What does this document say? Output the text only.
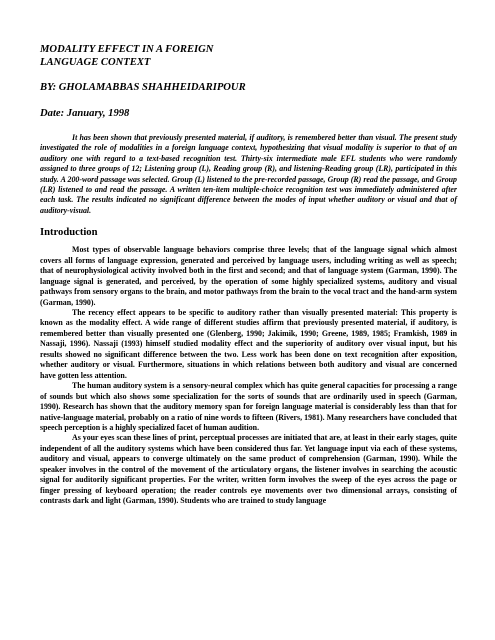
MODALITY EFFECT IN A FOREIGN

LANGUAGE CONTEXT

BY: GHOLAMABBAS SHAHHEIDARIPOUR

Date: January, 1998

It has been shown that previously presented material, if auditory, is remembered better than visual. The present study investigated the role of modalities in a foreign language context, hypothesizing that visual modality is superior to that of an auditory one with regard to a text-based recognition test. Thirty-six intermediate male EFL students who were randomly assigned to three groups of 12; Listening group (L), Reading group (R), and listening-Reading group (LR), participated in this study. A 200-word passage was selected. Group (L) listened to the pre-recorded passage, Group (R) read the passage, and Group (LR) listened to and read the passage. A written ten-item multiple-choice recognition test was immediately administered after each task. The results indicated no significant difference between the modes of input whether auditory or visual and that of auditory-visual.

Introduction

Most types of observable language behaviors comprise three levels; that of the language signal which almost covers all forms of language expression, generated and perceived by language users, including writing as well as speech; that of neurophysiological activity involved both in the first and second; and that of language system (Garman, 1990). The language signal is generated, and perceived, by the operation of some highly specialized systems, auditory and visual pathways from sensory organs to the brain, and motor pathways from the brain to the vocal tract and the hand-arm system (Garman, 1990).

The recency effect appears to be specific to auditory rather than visually presented material: This property is known as the modality effect. A wide range of different studies affirm that previously presented material, if auditory, is remembered better than visually presented one (Glenberg, 1990; Jakimik, 1990; Greene, 1989, 1985; Framkish, 1989 in Nassaji, 1996). Nassaji (1993) himself studied modality effect and the superiority of auditory over visual input, but his results showed no significant difference between the two. Less work has been done on text recognition after exposition, whether auditory or visual. Furthermore, situations in which relations between both auditory and visual are concerned have gotten less attention.

The human auditory system is a sensory-neural complex which has quite general capacities for processing a range of sounds but which also shows some specialization for the sorts of sounds that are ordinarily used in speech (Garman, 1990). Research has shown that the auditory memory span for foreign language material is considerably less than that for native-language material, probably on a ratio of nine words to fifteen (Rivers, 1981). Many researchers have concluded that speech perception is a highly specialized facet of human audition.

As your eyes scan these lines of print, perceptual processes are initiated that are, at least in their early stages, quite independent of all the auditory systems which have been considered thus far. Yet language input via each of these systems, auditory and visual, appears to converge ultimately on the same product of comprehension (Garman, 1990). While the speaker involves in the control of the movement of the articulatory organs, the listener involves in searching the acoustic signal for auditorily significant properties. For the writer, written form involves the sweep of the eyes across the page or finger pressing of keyboard operation; the reader controls eye movements over two dimensional arrays, consisting of contrasts dark and light (Garman, 1990). Students who are trained to study language
